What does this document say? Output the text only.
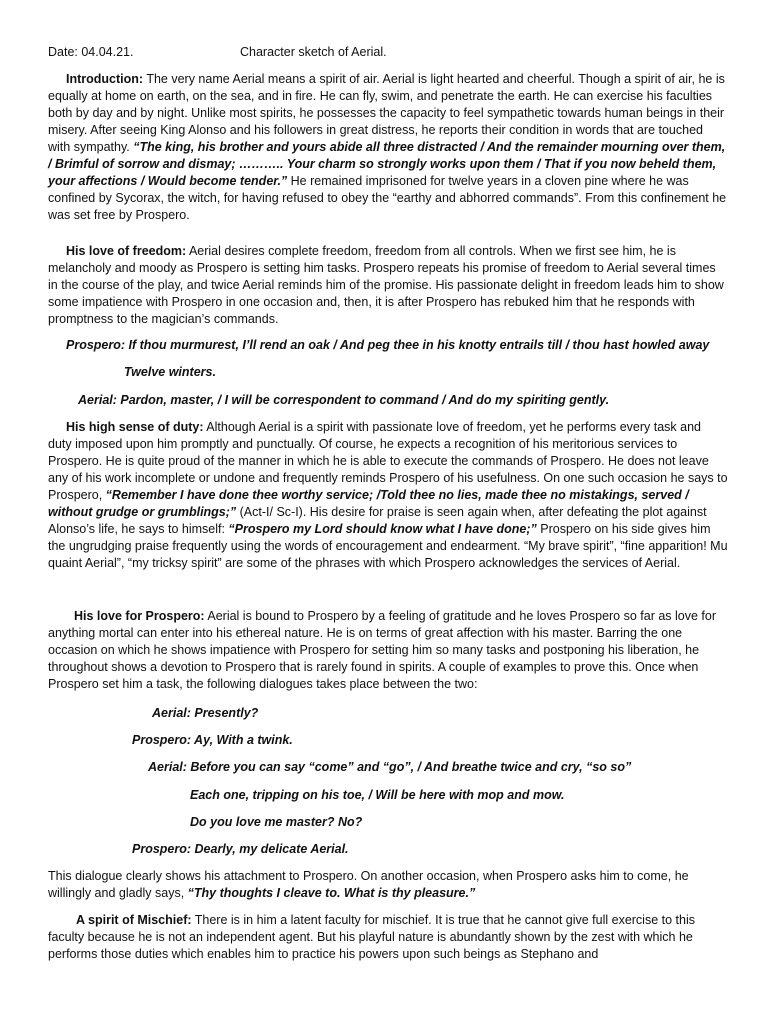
Date: 04.04.21.	Character sketch of Aerial.

Introduction: The very name Aerial means a spirit of air. Aerial is light hearted and cheerful. Though a spirit of air, he is equally at home on earth, on the sea, and in fire. He can fly, swim, and penetrate the earth. He can exercise his faculties both by day and by night. Unlike most spirits, he possesses the capacity to feel sympathetic towards human beings in their misery. After seeing King Alonso and his followers in great distress, he reports their condition in words that are touched with sympathy. “The king, his brother and yours abide all three distracted / And the remainder mourning over them, / Brimful of sorrow and dismay; ……….. Your charm so strongly works upon them / That if you now beheld them, your affections / Would become tender.” He remained imprisoned for twelve years in a cloven pine where he was confined by Sycorax, the witch, for having refused to obey the “earthy and abhorred commands”. From this confinement he was set free by Prospero.

His love of freedom: Aerial desires complete freedom, freedom from all controls. When we first see him, he is melancholy and moody as Prospero is setting him tasks. Prospero repeats his promise of freedom to Aerial several times in the course of the play, and twice Aerial reminds him of the promise. His passionate delight in freedom leads him to show some impatience with Prospero in one occasion and, then, it is after Prospero has rebuked him that he responds with promptness to the magician’s commands.

Prospero: If thou murmurest, I’ll rend an oak / And peg thee in his knotty entrails till / thou hast howled away
Twelve winters.
Aerial: Pardon, master, / I will be correspondent to command / And do my spiriting gently.

His high sense of duty: Although Aerial is a spirit with passionate love of freedom, yet he performs every task and duty imposed upon him promptly and punctually. Of course, he expects a recognition of his meritorious services to Prospero. He is quite proud of the manner in which he is able to execute the commands of Prospero. He does not leave any of his work incomplete or undone and frequently reminds Prospero of his usefulness. On one such occasion he says to Prospero, “Remember I have done thee worthy service; /Told thee no lies, made thee no mistakings, served / without grudge or grumblings;” (Act-I/ Sc-I). His desire for praise is seen again when, after defeating the plot against Alonso’s life, he says to himself: “Prospero my Lord should know what I have done;” Prospero on his side gives him the ungrudging praise frequently using the words of encouragement and endearment. “My brave spirit”, “fine apparition! Mu quaint Aerial”, “my tricksy spirit” are some of the phrases with which Prospero acknowledges the services of Aerial.

His love for Prospero: Aerial is bound to Prospero by a feeling of gratitude and he loves Prospero so far as love for anything mortal can enter into his ethereal nature. He is on terms of great affection with his master. Barring the one occasion on which he shows impatience with Prospero for setting him so many tasks and postponing his liberation, he throughout shows a devotion to Prospero that is rarely found in spirits. A couple of examples to prove this. Once when Prospero set him a task, the following dialogues takes place between the two:

Aerial: Presently?
Prospero: Ay, With a twink.
Aerial: Before you can say “come” and “go”, / And breathe twice and cry, “so so”
Each one, tripping on his toe, / Will be here with mop and mow.
Do you love me master? No?
Prospero: Dearly, my delicate Aerial.

This dialogue clearly shows his attachment to Prospero. On another occasion, when Prospero asks him to come, he willingly and gladly says, “Thy thoughts I cleave to. What is thy pleasure.”

A spirit of Mischief: There is in him a latent faculty for mischief. It is true that he cannot give full exercise to this faculty because he is not an independent agent. But his playful nature is abundantly shown by the zest with which he performs those duties which enables him to practice his powers upon such beings as Stephano and
